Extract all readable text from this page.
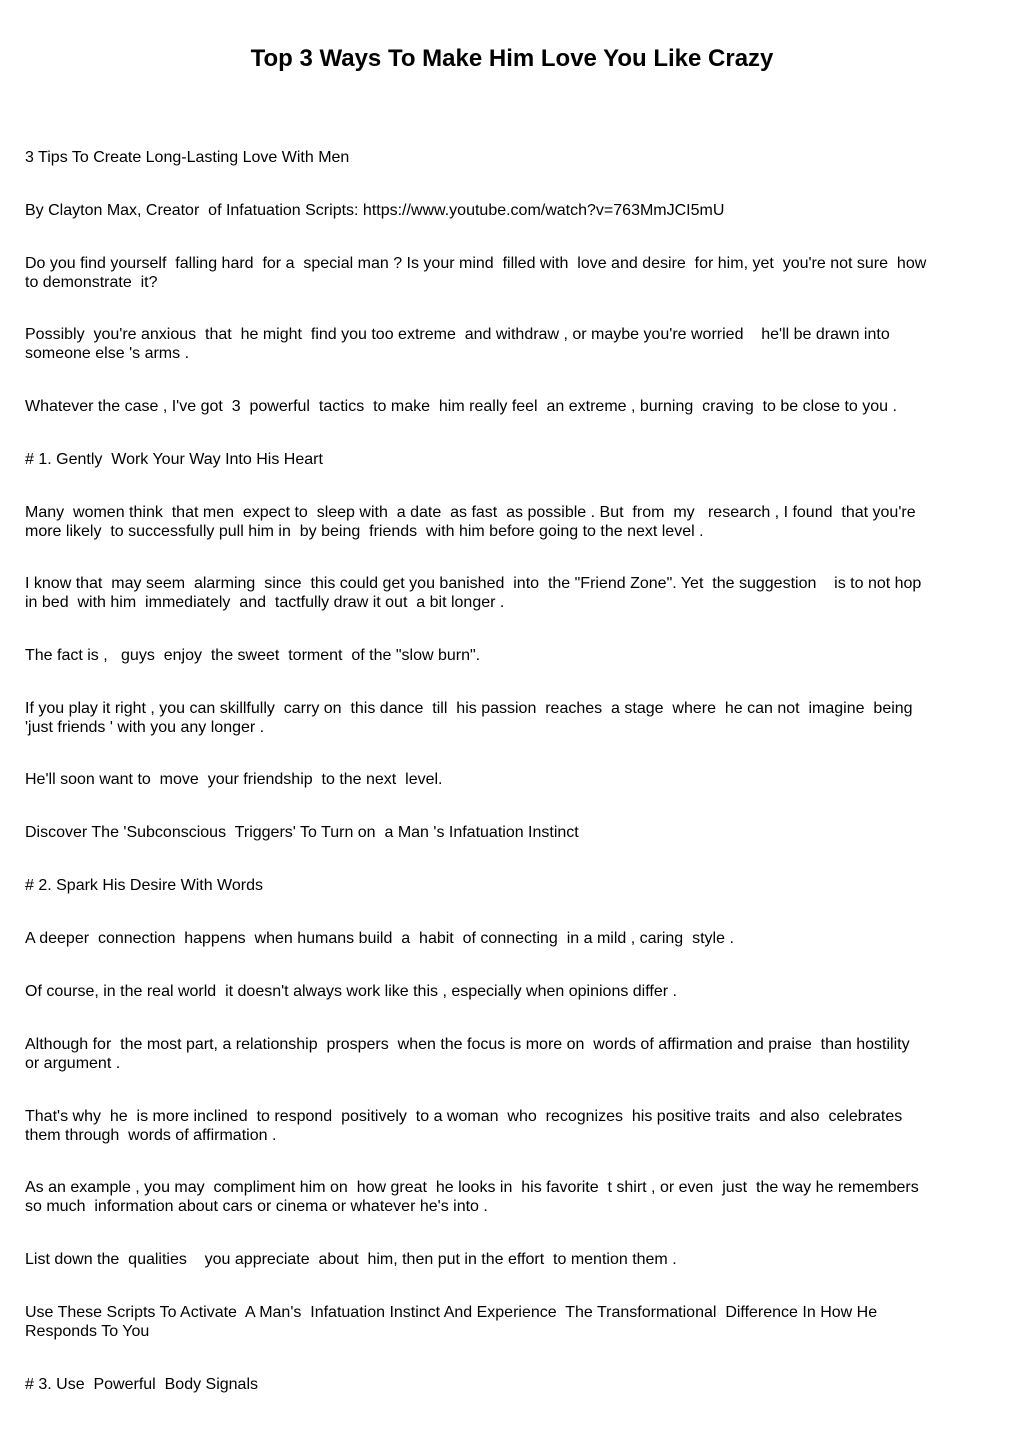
Top 3 Ways To Make Him Love You Like Crazy

3 Tips To Create Long-Lasting Love With Men

By Clayton Max, Creator  of Infatuation Scripts: https://www.youtube.com/watch?v=763MmJCI5mU

Do you find yourself  falling hard  for a  special man ? Is your mind  filled with  love and desire  for him, yet  you're not sure  how
to demonstrate  it?

Possibly  you're anxious  that  he might  find you too extreme  and withdraw , or maybe you're worried    he'll be drawn into
someone else 's arms .

Whatever the case , I've got  3  powerful  tactics  to make  him really feel  an extreme , burning  craving  to be close to you .

# 1. Gently  Work Your Way Into His Heart

Many  women think  that men  expect to  sleep with  a date  as fast  as possible . But  from  my   research , I found  that you're
more likely  to successfully pull him in  by being  friends  with him before going to the next level .

I know that  may seem  alarming  since  this could get you banished  into  the "Friend Zone". Yet  the suggestion    is to not hop
in bed  with him  immediately  and  tactfully draw it out  a bit longer .

The fact is ,   guys  enjoy  the sweet  torment  of the "slow burn".

If you play it right , you can skillfully  carry on  this dance  till  his passion  reaches  a stage  where  he can not  imagine  being
'just friends ' with you any longer .

He'll soon want to  move  your friendship  to the next  level.

Discover The 'Subconscious  Triggers' To Turn on  a Man 's Infatuation Instinct

# 2. Spark His Desire With Words

A deeper  connection  happens  when humans build  a  habit  of connecting  in a mild , caring  style .

Of course, in the real world  it doesn't always work like this , especially when opinions differ .

Although for  the most part, a relationship  prospers  when the focus is more on  words of affirmation and praise  than hostility
or argument .

That's why  he  is more inclined  to respond  positively  to a woman  who  recognizes  his positive traits  and also  celebrates
them through  words of affirmation .

As an example , you may  compliment him on  how great  he looks in  his favorite  t shirt , or even  just  the way he remembers
so much  information about cars or cinema or whatever he's into .

List down the  qualities    you appreciate  about  him, then put in the effort  to mention them .

Use These Scripts To Activate  A Man's  Infatuation Instinct And Experience  The Transformational  Difference In How He
Responds To You

# 3. Use  Powerful  Body Signals
